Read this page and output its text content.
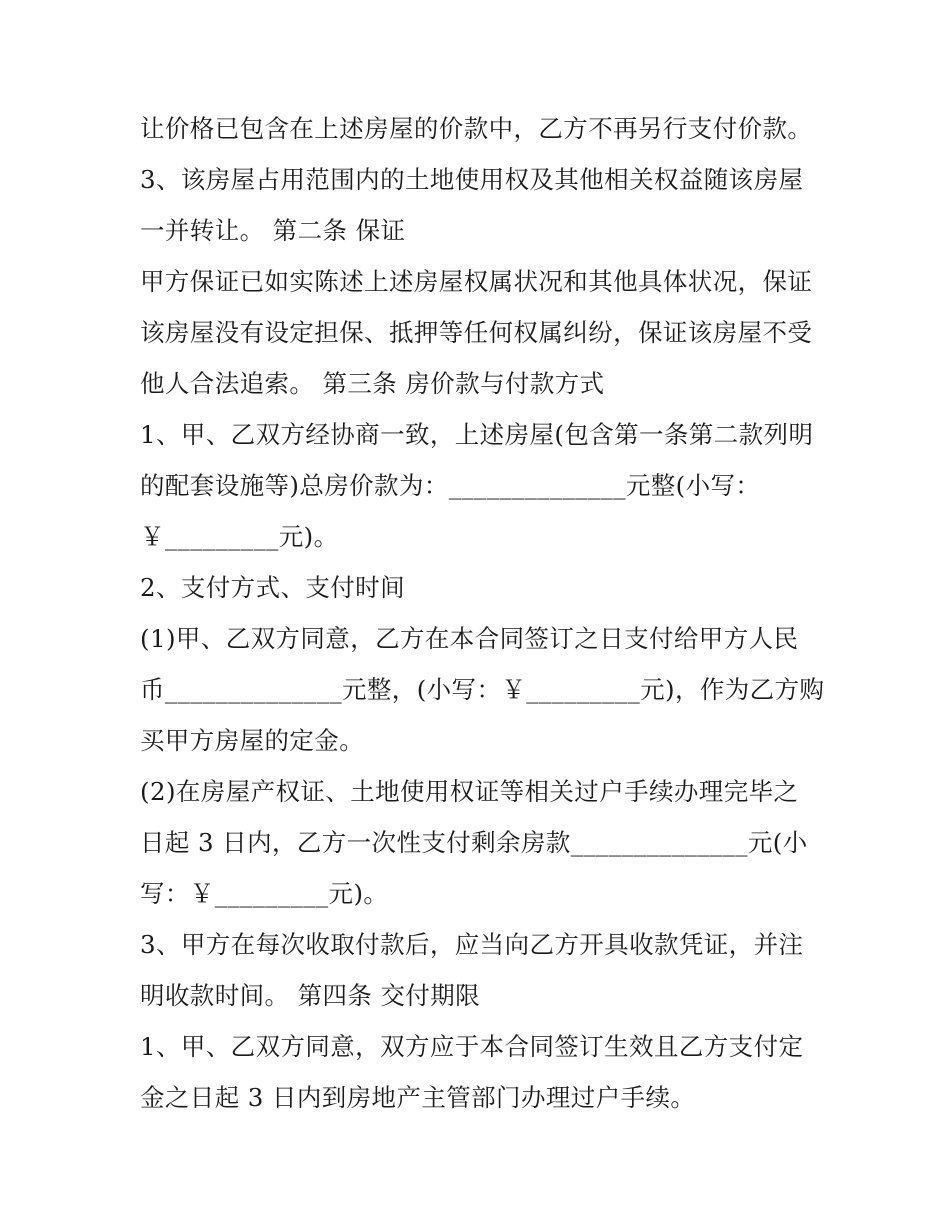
让价格已包含在上述房屋的价款中，乙方不再另行支付价款。

3、该房屋占用范围内的土地使用权及其他相关权益随该房屋

一并转让。 第二条 保证

甲方保证已如实陈述上述房屋权属状况和其他具体状况，保证

该房屋没有设定担保、抵押等任何权属纠纷，保证该房屋不受

他人合法追索。 第三条 房价款与付款方式

1、甲、乙双方经协商一致，上述房屋(包含第一条第二款列明

的配套设施等)总房价款为：______________元整(小写：

￥_________元)。

2、支付方式、支付时间

(1)甲、乙双方同意，乙方在本合同签订之日支付给甲方人民

币______________元整，(小写：￥_________元)，作为乙方购

买甲方房屋的定金。

(2)在房屋产权证、土地使用权证等相关过户手续办理完毕之

日起 3 日内，乙方一次性支付剩余房款______________元(小

写：￥_________元)。

3、甲方在每次收取付款后，应当向乙方开具收款凭证，并注

明收款时间。 第四条 交付期限

1、甲、乙双方同意，双方应于本合同签订生效且乙方支付定

金之日起 3 日内到房地产主管部门办理过户手续。
